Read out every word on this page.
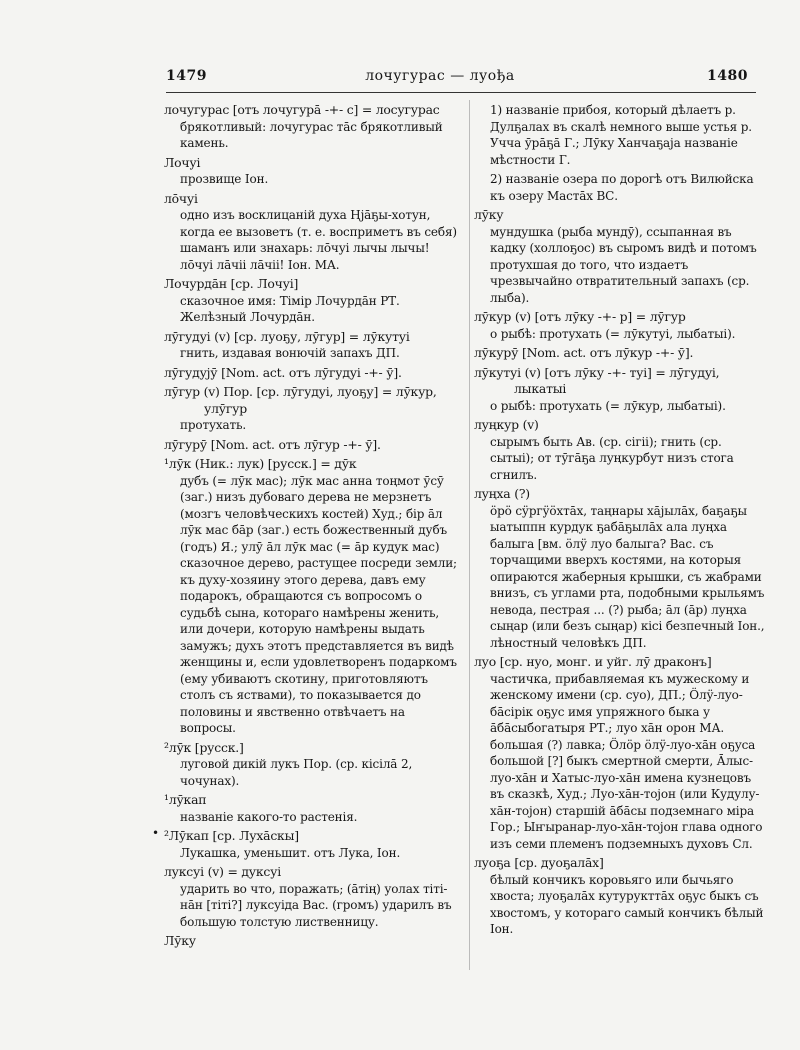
1479	лочугурас — луођа	1480

лочугурас [отъ лочугура̄ -+- с] = лосугурас

брякотливый: лочугурас та̄с брякотливый камень.

Лочуі

прозвище Іон.

лōчуі

одно изъ восклицаній духа Ңја̄ҕы-хотун, когда ее вызоветъ (т. е. восприметъ въ себя) шаманъ или знахарь: лōчуі лычы лычы! лōчуі ла̄чіі ла̄чіі! Іон. МА.

Лочурда̄н [ср. Лочуі]

сказочное имя: Тімір Лочурда̄н РТ. Желѣзный Лочурда̄н.

лӯгудуі (v) [ср. луоҕу, лӯгур] = лӯкутуі

гнить, издавая вонючій запахъ ДП.

лӯгудујӯ [Nom. act. отъ лӯгудуі -+- ӯ].

лӯгур (v) Пор. [ср. лӯгудуі, луоҕу] = лӯкур, улӯгур

протухать.

лӯгурӯ [Nom. act. отъ лӯгур -+- ӯ].

¹лӯк (Ник.: лук) [русск.] = дӯк

дубъ (= лӯк мас); лӯк мас анна тоңмот ӯсӯ (заг.) низъ дубоваго дерева не мерзнетъ (мозгъ человѣческихъ костей) Худ.; бір а̄л лӯк мас ба̄р (заг.) есть божественный дубъ (годъ) Я.; улӯ а̄л лӯк мас (= а̄р кудук мас) сказочное дерево, растущее посреди земли; къ духу-хозяину этого дерева, давъ ему подарокъ, обращаются съ вопросомъ о судьбѣ сына, котораго намѣрены женить, или дочери, которую намѣрены выдать замужъ; духъ этотъ представляется въ видѣ женщины и, если удовлетворенъ подаркомъ (ему убиваютъ скотину, приготовляютъ столъ съ яствами), то показывается до половины и явственно отвѣчаетъ на вопросы.

²лӯк [русск.]

луговой дикій лукъ Пор. (ср. кісіла̄ 2, чочунах).

¹лӯкап

названіе какого-то растенія.

²Лӯкап [ср. Луха̄скы]

Лукашка, уменьшит. отъ Лука, Іон.

луксуі (v) = дуксуі

ударить во что, поражать; (а̄тің) уолах тіті- на̄н [тіті?] луксуіда Вас. (громъ) ударилъ въ большую толстую лиственницу.

Лӯку

•

1) названіе прибоя, который дѣлаетъ р. Дулҕалах въ скалѣ немного выше устья р. Учча ӯра̄ҕа̄ Г.; Лӯку Ханчаҕајa названіе мѣстности Г.

2) названіе озера по дорогѣ отъ Вилюйска къ озеру Маста̄х ВС.

лӯку

мундушка (рыба мундӯ), ссыпанная въ кадку (холлоҕос) въ сыромъ видѣ и потомъ протухшая до того, что издаетъ чрезвычайно отвратительный запахъ (ср. лыба).

лӯкур (v) [отъ лӯку -+- р] = лӯгур

о рыбѣ: протухать (= лӯкутуі, лыбатыі).

лӯкурӯ [Nom. act. отъ лӯкур -+- ӯ].

лӯкутуі (v) [отъ лӯку -+- туі] = лӯгудуі, лыкатыі

о рыбѣ: протухать (= лӯкур, лыбатыі).

луңкур (v)

сырымъ быть Ав. (ср. сігіі); гнить (ср. сытыі); от тӯга̄ҕа луңкурбут низъ стога сгнилъ.

луңха (?)

ӧрӧ сӱргӱӧхта̄х, таңнары ха̄јыла̄х, баҕаҕы ыатыппн курдук ҕаба̄ҕыла̄х ала луңха балыга [вм. ӧлӱ луо балыга? Вас. съ торчащими вверхъ костями, на которыя опираются жаберныя крышки, съ жабрами внизъ, съ углами рта, подобными крыльямъ невода, пестрая ... (?) рыба; а̄л (а̄р) луңха сыңар (или безъ сыңар) кісі безпечный Іон., лѣностный человѣкъ ДП.

луо [ср. нуо, монг. и уйг. лӯ драконъ]

частичка, прибавляемая къ мужескому и женскому имени (ср. суо), ДП.; Ӧлӱ-луо-ба̄сірік оҕус имя упряжного быка у а̄ба̄сыбогатыря РТ.; луо ха̄н орон МА. большая (?) лавка; Ӧлӧр ӧлӱ-луо-ха̄н оҕуса большой [?] быкъ смертной смерти, А̄лыс-луо-ха̄н и Хатыс-луо-ха̄н имена кузнецовъ въ сказкѣ, Худ.; Луо-ха̄н-тојон (или Кудулу-ха̄н-тојон) старшій а̄ба̄сы подземнаго міра Гор.; Ыҥыранар-луо-ха̄н-тојон глава одного изъ семи племенъ подземныхъ духовъ Сл.

луоҕа [ср. дуоҕала̄х]

бѣлый кончикъ коровьяго или бычьяго хвоста; луоҕала̄х кутуруктта̄х оҕус быкъ съ хвостомъ, у котораго самый кончикъ бѣлый Іон.
